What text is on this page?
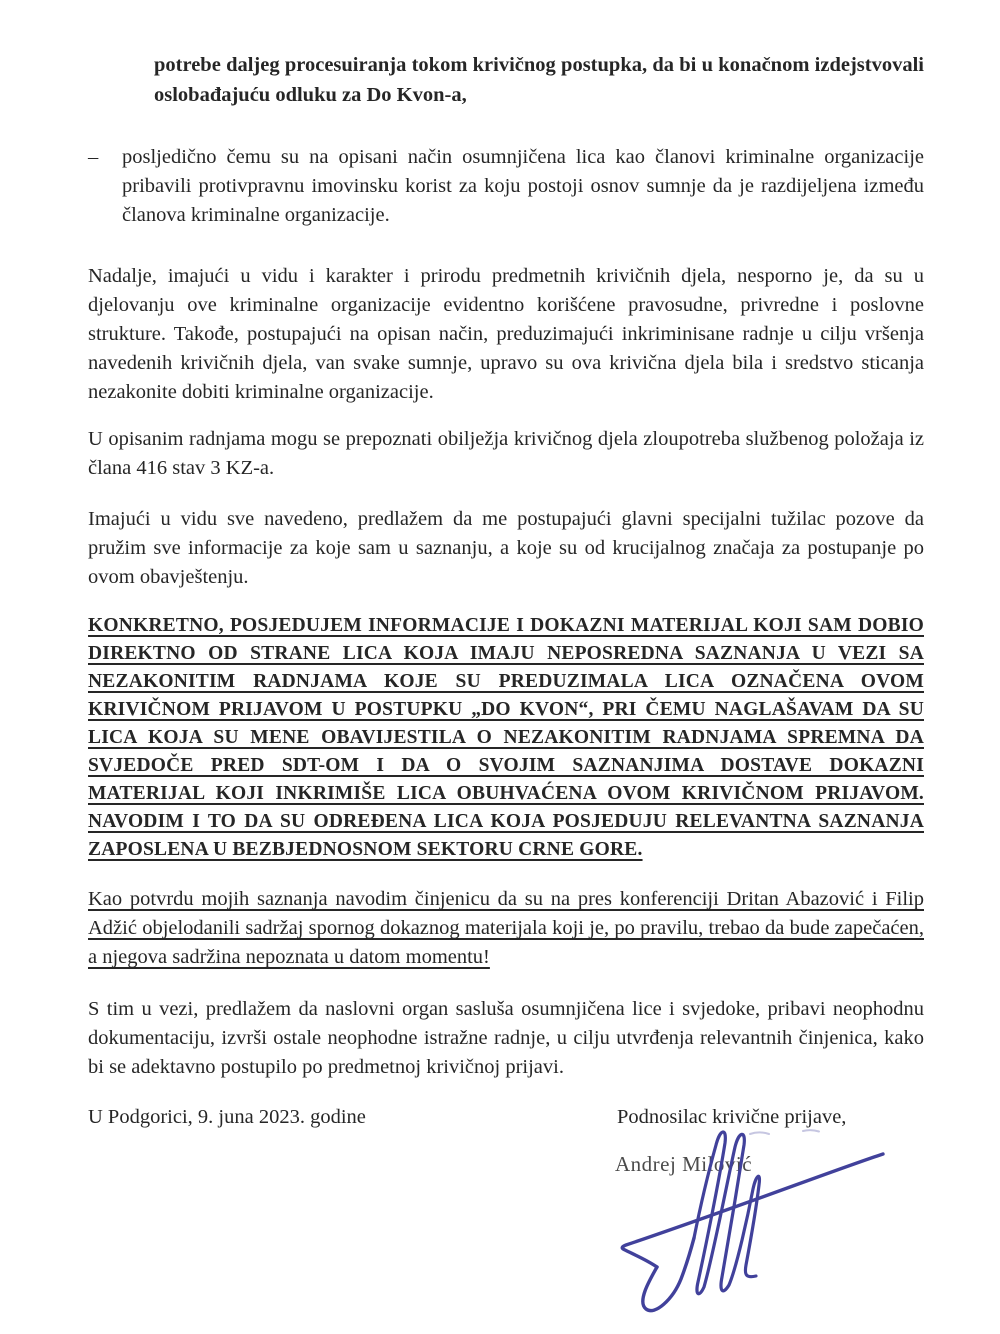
potrebe daljeg procesuiranja tokom krivičnog postupka, da bi u konačnom izdejstvovali oslobađajuću odluku za Do Kvon-a,

– posljedično čemu su na opisani način osumnjičena lica kao članovi kriminalne organizacije pribavili protivpravnu imovinsku korist za koju postoji osnov sumnje da je razdijeljena između članova kriminalne organizacije.

Nadalje, imajući u vidu i karakter i prirodu predmetnih krivičnih djela, nesporno je, da su u djelovanju ove kriminalne organizacije evidentno korišćene pravosudne, privredne i poslovne strukture. Takođe, postupajući na opisan način, preduzimajući inkriminisane radnje u cilju vršenja navedenih krivičnih djela, van svake sumnje, upravo su ova krivična djela bila i sredstvo sticanja nezakonite dobiti kriminalne organizacije.

U opisanim radnjama mogu se prepoznati obilježja krivičnog djela zloupotreba službenog položaja iz člana 416 stav 3 KZ-a.

Imajući u vidu sve navedeno, predlažem da me postupajući glavni specijalni tužilac pozove da pružim sve informacije za koje sam u saznanju, a koje su od krucijalnog značaja za postupanje po ovom obavještenju.

KONKRETNO, POSJEDUJEM INFORMACIJE I DOKAZNI MATERIJAL KOJI SAM DOBIO DIREKTNO OD STRANE LICA KOJA IMAJU NEPOSREDNA SAZNANJA U VEZI SA NEZAKONITIM RADNJAMA KOJE SU PREDUZIMALA LICA OZNAČENA OVOM KRIVIČNOM PRIJAVOM U POSTUPKU „DO KVON“, PRI ČEMU NAGLAŠAVAM DA SU LICA KOJA SU MENE OBAVIJESTILA O NEZAKONITIM RADNJAMA SPREMNA DA SVJEDOČE PRED SDT-OM I DA O SVOJIM SAZNANJIMA DOSTAVE DOKAZNI MATERIJAL KOJI INKRIMIŠE LICA OBUHVAĆENA OVOM KRIVIČNOM PRIJAVOM. NAVODIM I TO DA SU ODREĐENA LICA KOJA POSJEDUJU RELEVANTNA SAZNANJA ZAPOSLENA U BEZBJEDNOSNOM SEKTORU CRNE GORE.

Kao potvrdu mojih saznanja navodim činjenicu da su na pres konferenciji Dritan Abazović i Filip Adžić objelodanili sadržaj spornog dokaznog materijala koji je, po pravilu, trebao da bude zapečaćen, a njegova sadržina nepoznata u datom momentu!

S tim u vezi, predlažem da naslovni organ sasluša osumnjičena lice i svjedoke, pribavi neophodnu dokumentaciju, izvrši ostale neophodne istražne radnje, u cilju utvrđenja relevantnih činjenica, kako bi se adektavno postupilo po predmetnoj krivičnoj prijavi.

U Podgorici, 9. juna 2023. godine	Podnosilac krivične prijave,
Andrej Milović
